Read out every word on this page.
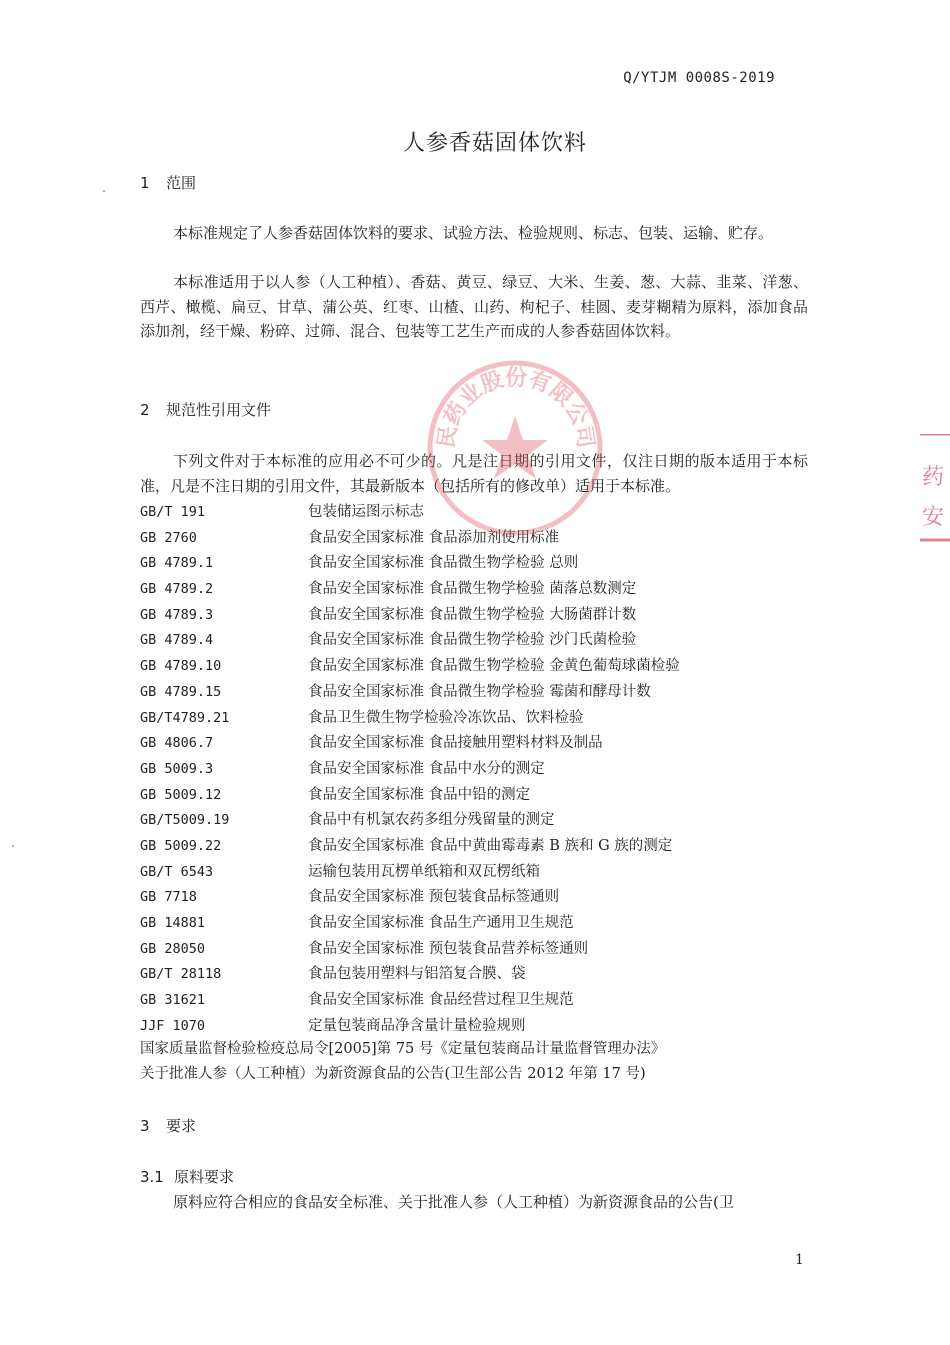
Q/YTJM 0008S-2019
人参香菇固体饮料
1 范围
本标准规定了人参香菇固体饮料的要求、试验方法、检验规则、标志、包装、运输、贮存。
本标准适用于以人参（人工种植）、香菇、黄豆、绿豆、大米、生姜、葱、大蒜、韭菜、洋葱、西芹、橄榄、扁豆、甘草、蒲公英、红枣、山楂、山药、枸杞子、桂圆、麦芽糊精为原料，添加食品添加剂，经干燥、粉碎、过筛、混合、包装等工艺生产而成的人参香菇固体饮料。
2 规范性引用文件
下列文件对于本标准的应用必不可少的。凡是注日期的引用文件，仅注日期的版本适用于本标准，凡是不注日期的引用文件，其最新版本（包括所有的修改单）适用于本标准。
GB/T 191	包装储运图示标志
GB 2760	食品安全国家标准 食品添加剂使用标准
GB 4789.1	食品安全国家标准 食品微生物学检验 总则
GB 4789.2	食品安全国家标准 食品微生物学检验 菌落总数测定
GB 4789.3	食品安全国家标准 食品微生物学检验 大肠菌群计数
GB 4789.4	食品安全国家标准 食品微生物学检验 沙门氏菌检验
GB 4789.10	食品安全国家标准 食品微生物学检验 金黄色葡萄球菌检验
GB 4789.15	食品安全国家标准 食品微生物学检验 霉菌和酵母计数
GB/T4789.21	食品卫生微生物学检验冷冻饮品、饮料检验
GB 4806.7	食品安全国家标准 食品接触用塑料材料及制品
GB 5009.3	食品安全国家标准 食品中水分的测定
GB 5009.12	食品安全国家标准 食品中铅的测定
GB/T5009.19	食品中有机氯农药多组分残留量的测定
GB 5009.22	食品安全国家标准 食品中黄曲霉毒素 B 族和 G 族的测定
GB/T 6543	运输包装用瓦楞单纸箱和双瓦楞纸箱
GB 7718	食品安全国家标准 预包装食品标签通则
GB 14881	食品安全国家标准 食品生产通用卫生规范
GB 28050	食品安全国家标准 预包装食品营养标签通则
GB/T 28118	食品包装用塑料与铝箔复合膜、袋
GB 31621	食品安全国家标准 食品经营过程卫生规范
JJF 1070	定量包装商品净含量计量检验规则
国家质量监督检验检疫总局令[2005]第 75 号《定量包装商品计量监督管理办法》
关于批准人参（人工种植）为新资源食品的公告(卫生部公告 2012 年第 17 号)
3 要求
3.1 原料要求
原料应符合相应的食品安全标准、关于批准人参（人工种植）为新资源食品的公告(卫
1
民药业股份有限公司
药
安
